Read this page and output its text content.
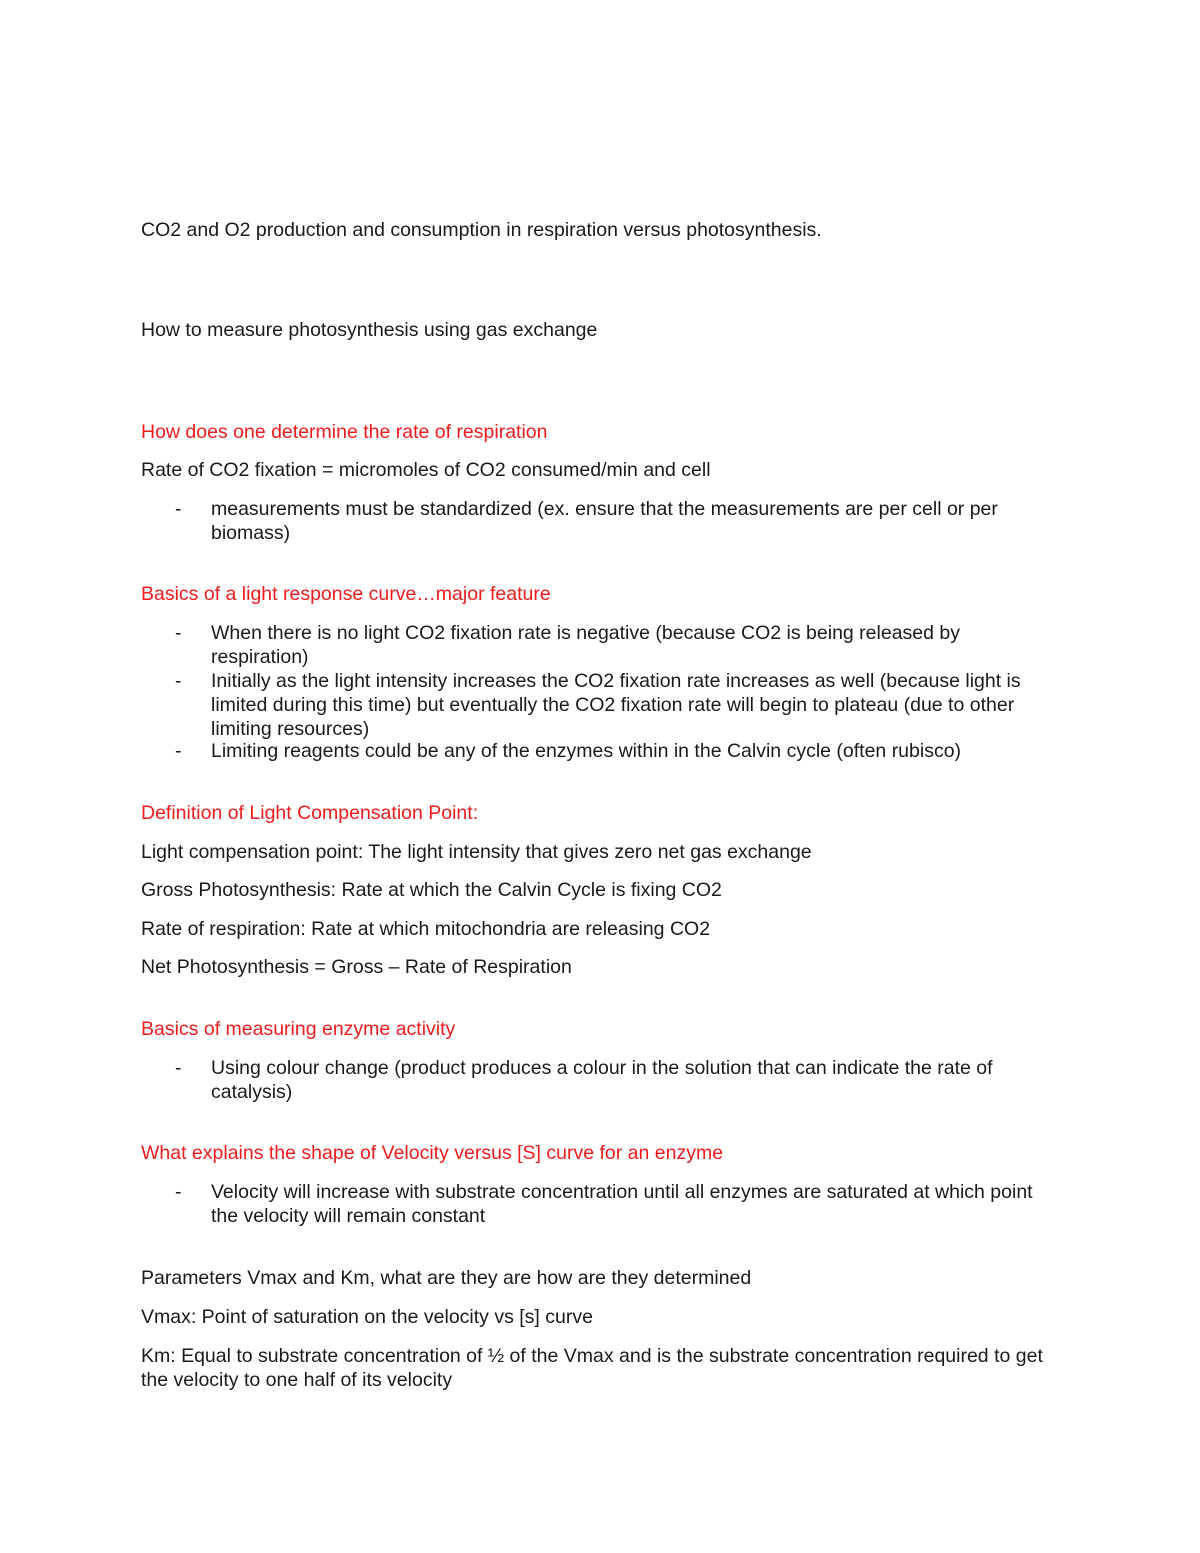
CO2 and O2 production and consumption in respiration versus photosynthesis.
How to measure photosynthesis using gas exchange
How does one determine the rate of respiration
Rate of CO2 fixation = micromoles of CO2 consumed/min and cell
- measurements must be standardized (ex. ensure that the measurements are per cell or per biomass)
Basics of a light response curve…major feature
- When there is no light CO2 fixation rate is negative (because CO2 is being released by respiration)
- Initially as the light intensity increases the CO2 fixation rate increases as well (because light is limited during this time) but eventually the CO2 fixation rate will begin to plateau (due to other limiting resources)
- Limiting reagents could be any of the enzymes within in the Calvin cycle (often rubisco)
Definition of Light Compensation Point:
Light compensation point: The light intensity that gives zero net gas exchange
Gross Photosynthesis: Rate at which the Calvin Cycle is fixing CO2
Rate of respiration: Rate at which mitochondria are releasing CO2
Net Photosynthesis = Gross – Rate of Respiration
Basics of measuring enzyme activity
- Using colour change (product produces a colour in the solution that can indicate the rate of catalysis)
What explains the shape of Velocity versus [S] curve for an enzyme
- Velocity will increase with substrate concentration until all enzymes are saturated at which point the velocity will remain constant
Parameters Vmax and Km, what are they are how are they determined
Vmax: Point of saturation on the velocity vs [s] curve
Km: Equal to substrate concentration of ½ of the Vmax and is the substrate concentration required to get the velocity to one half of its velocity
